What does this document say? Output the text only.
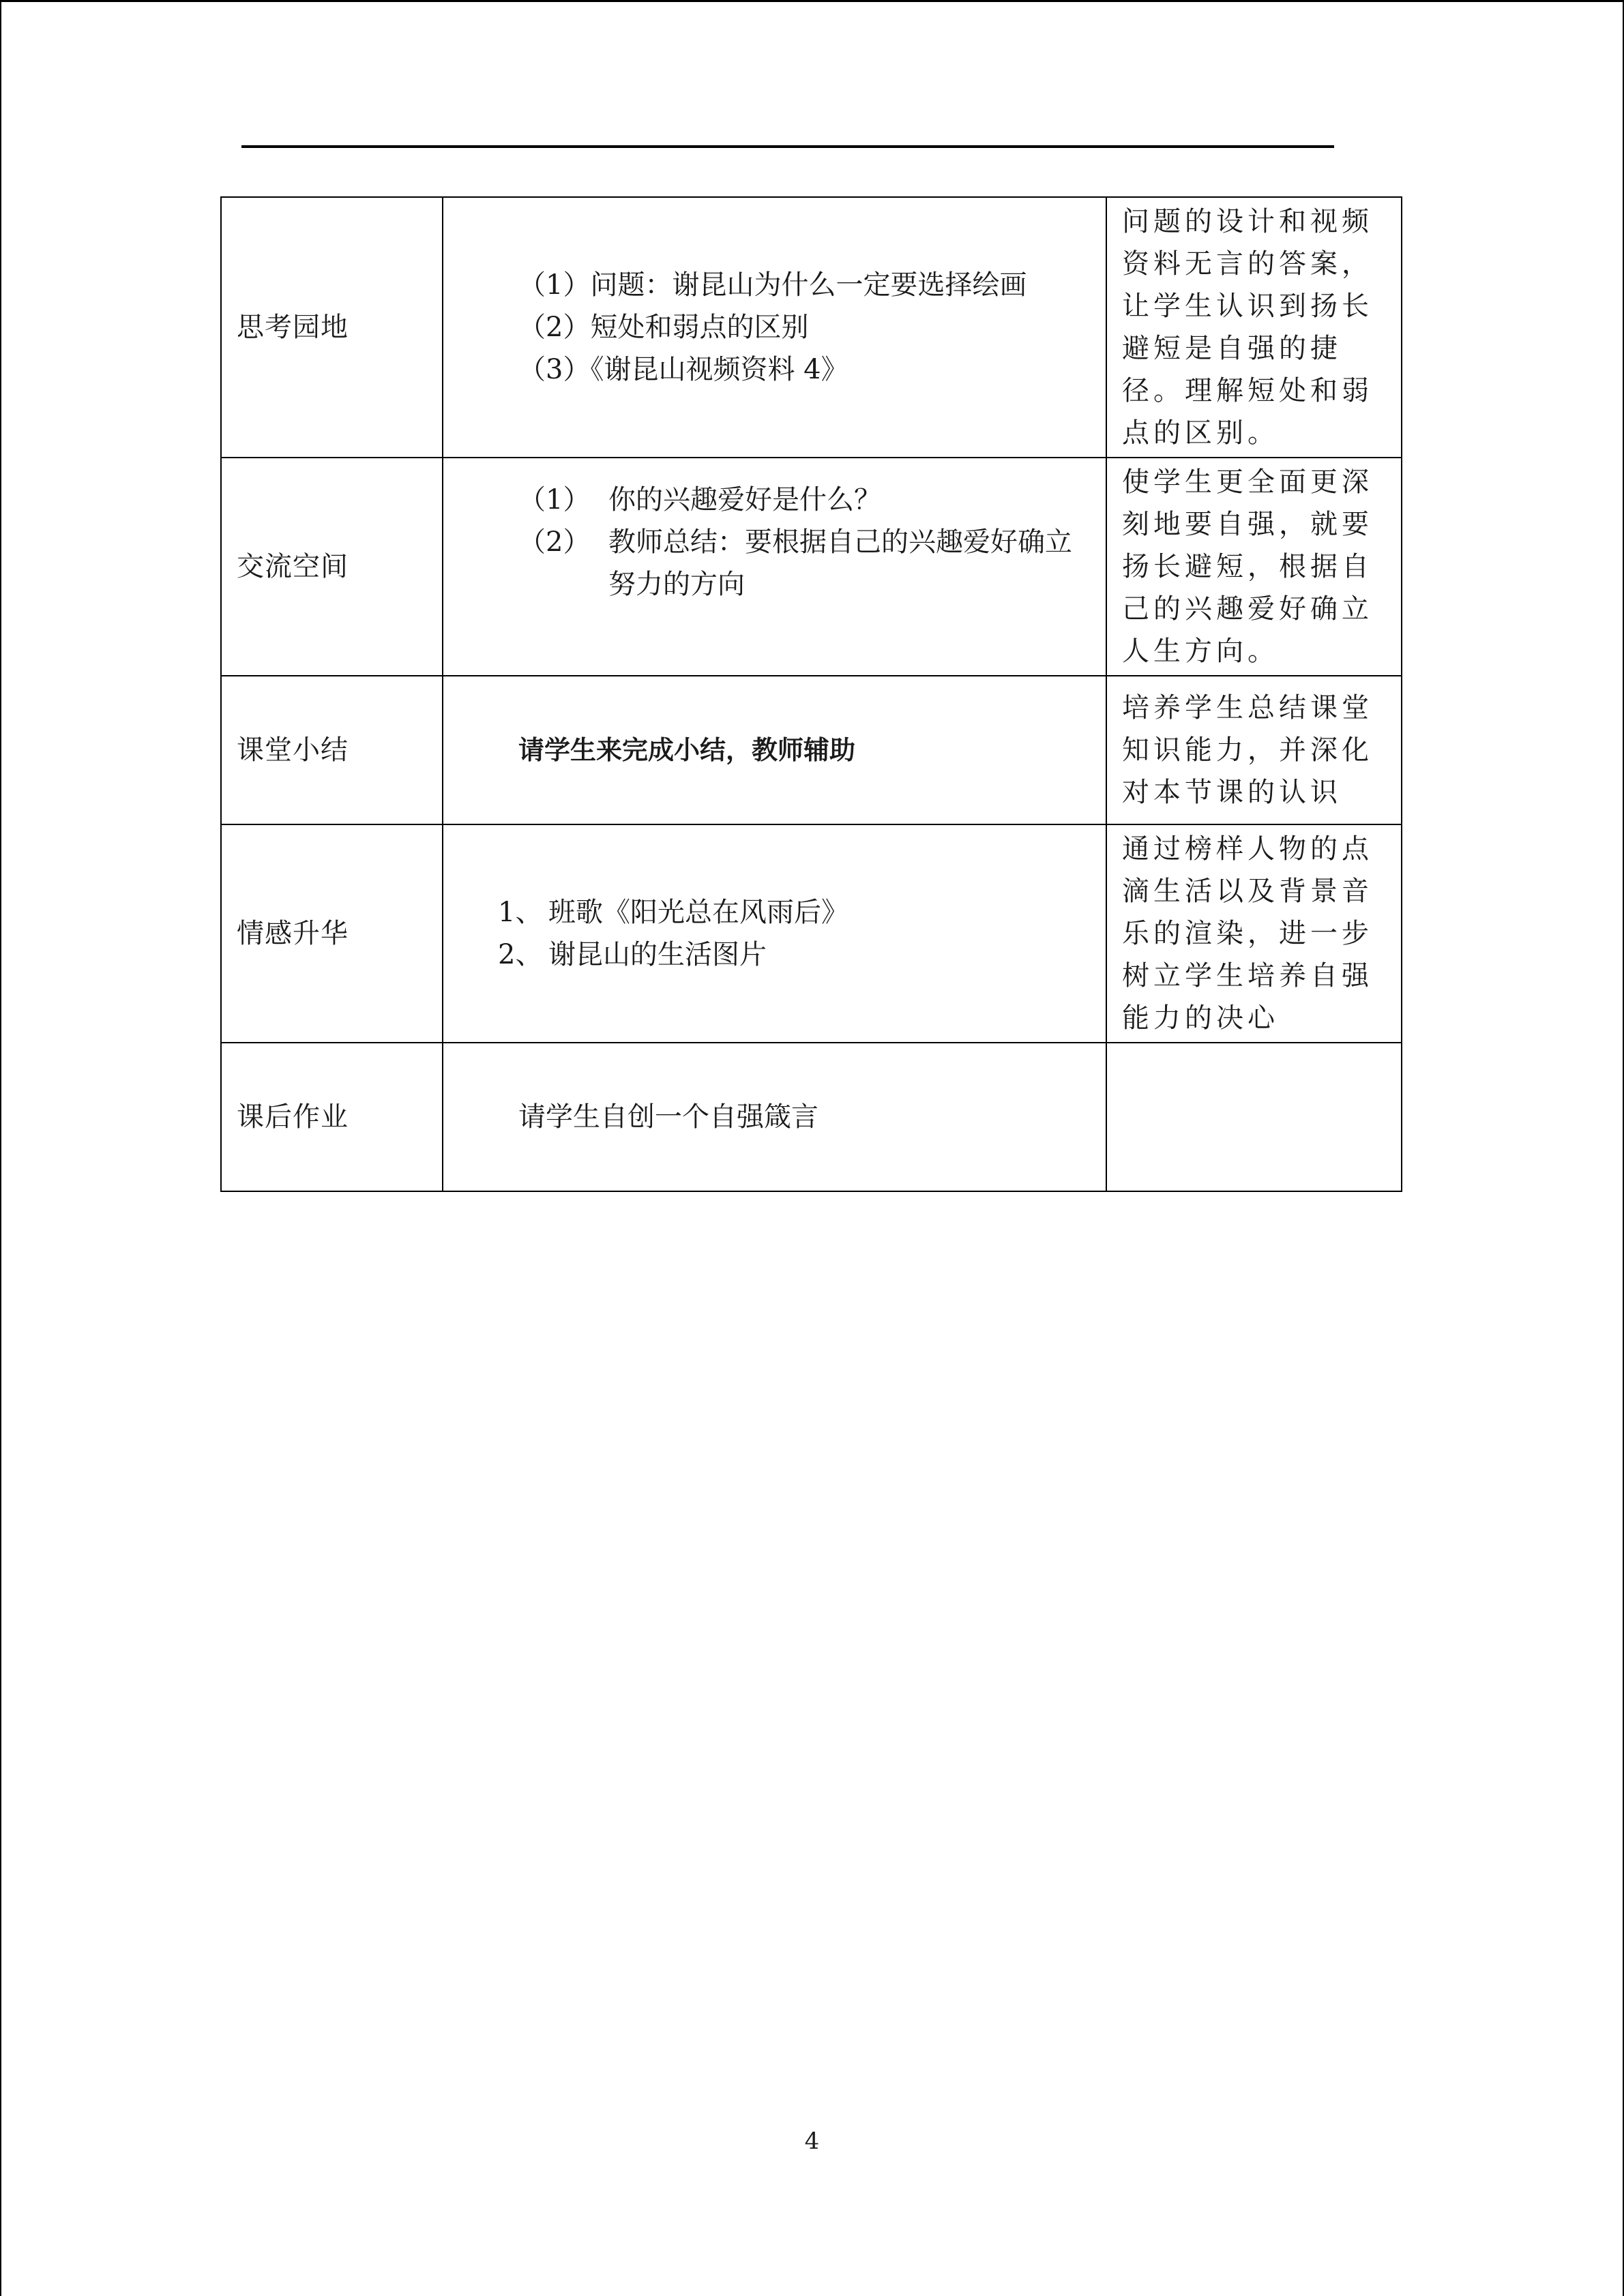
思考园地	（1）问题：谢昆山为什么一定要选择绘画
（2）短处和弱点的区别
（3）《谢昆山视频资料 4》	问题的设计和视频资料无言的答案，让学生认识到扬长避短是自强的捷径。理解短处和弱点的区别。
交流空间	（1） 你的兴趣爱好是什么？
（2） 教师总结：要根据自己的兴趣爱好确立努力的方向	使学生更全面更深刻地要自强，就要扬长避短，根据自己的兴趣爱好确立人生方向。
课堂小结	请学生来完成小结，教师辅助	培养学生总结课堂知识能力，并深化对本节课的认识
情感升华	1、 班歌《阳光总在风雨后》
2、 谢昆山的生活图片	通过榜样人物的点滴生活以及背景音乐的渲染，进一步树立学生培养自强能力的决心
课后作业	请学生自创一个自强箴言	

4
